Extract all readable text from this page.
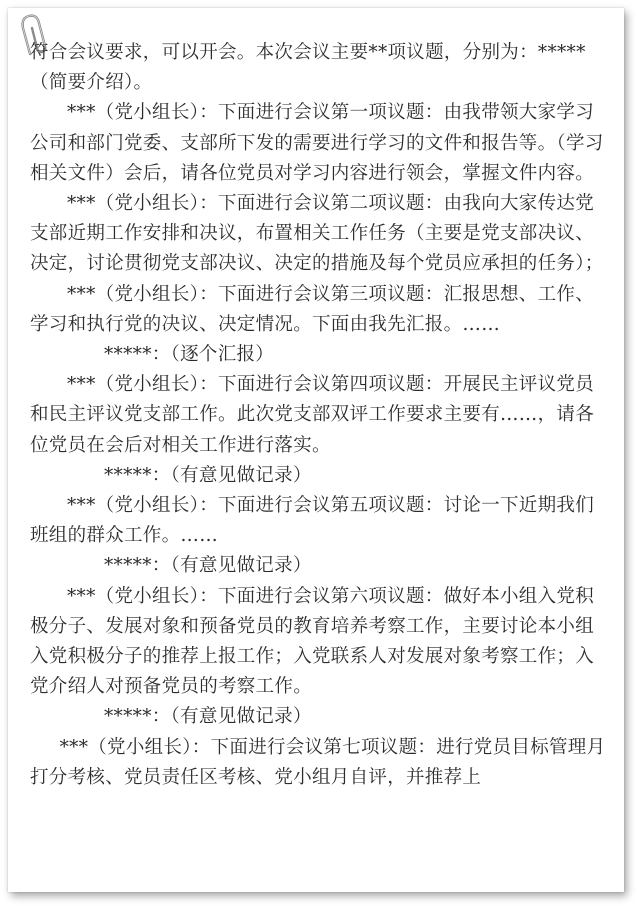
符合会议要求，可以开会。本次会议主要**项议题，分别为：*****（简要介绍）。

***（党小组长）：下面进行会议第一项议题：由我带领大家学习公司和部门党委、支部所下发的需要进行学习的文件和报告等。（学习相关文件）会后，请各位党员对学习内容进行领会，掌握文件内容。

***（党小组长）：下面进行会议第二项议题：由我向大家传达党支部近期工作安排和决议，布置相关工作任务（主要是党支部决议、决定，讨论贯彻党支部决议、决定的措施及每个党员应承担的任务）；

***（党小组长）：下面进行会议第三项议题：汇报思想、工作、学习和执行党的决议、决定情况。下面由我先汇报。……

*****：（逐个汇报）

***（党小组长）：下面进行会议第四项议题：开展民主评议党员和民主评议党支部工作。此次党支部双评工作要求主要有……，请各位党员在会后对相关工作进行落实。

*****：（有意见做记录）

***（党小组长）：下面进行会议第五项议题：讨论一下近期我们班组的群众工作。……

*****：（有意见做记录）

***（党小组长）：下面进行会议第六项议题：做好本小组入党积极分子、发展对象和预备党员的教育培养考察工作，主要讨论本小组入党积极分子的推荐上报工作；入党联系人对发展对象考察工作；入党介绍人对预备党员的考察工作。

*****：（有意见做记录）

***（党小组长）：下面进行会议第七项议题：进行党员目标管理月打分考核、党员责任区考核、党小组月自评，并推荐上
